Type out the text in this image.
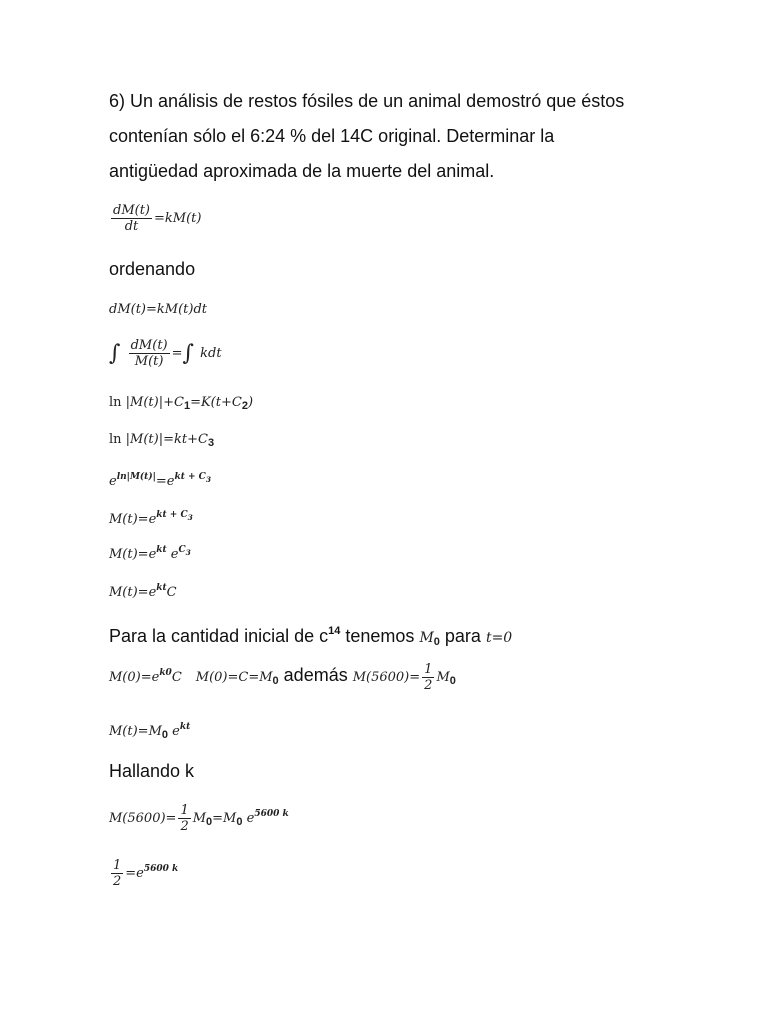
6) Un análisis de restos fósiles de un animal demostró que éstos
contenían sólo el 6:24 % del 14C original. Determinar la
antigüedad aproximada de la muerte del animal.
$\frac{dM(t)}{dt} =kM(t)$
ordenando
dM(t)=kM(t)dt
∫ $\frac{dM(t)}{M(t)}$ =∫ kdt
$\ln |M(t)|+C_1=K(t+C_2)$
$\ln |M(t)|=kt+C_3$
$e^{ln|M(t)|}=e^{kt + C_3}$
$M(t)=e^{kt + C_3}$
$M(t)=e^{kt}$ $e^{C_3}$
$M(t)=e^{kt}C$
Para la cantidad inicial de $c^{14}$ tenemos $M_0$ para t=0
$M(0)=e^{k0}C$ $M(0)=C=M_0$ además $M(5600)= \frac{1}{2} M_0$
$M(t)=M_0$ $e^{kt}$
Hallando k
$M(5600)= \frac{1}{2} M_0=M_0$ $e^{5600 k}$
$\frac{1}{2} =e^{5600 k}$
